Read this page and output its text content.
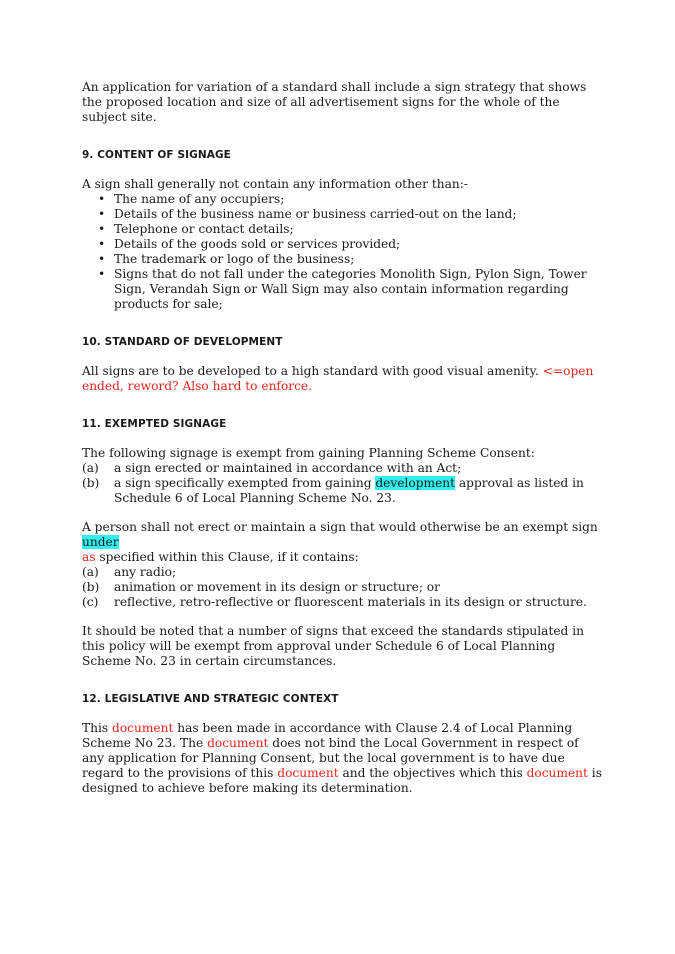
An application for variation of a standard shall include a sign strategy that shows the proposed location and size of all advertisement signs for the whole of the subject site.

9. CONTENT OF SIGNAGE

A sign shall generally not contain any information other than:-

• The name of any occupiers;
• Details of the business name or business carried-out on the land;
• Telephone or contact details;
• Details of the goods sold or services provided;
• The trademark or logo of the business;
• Signs that do not fall under the categories Monolith Sign, Pylon Sign, Tower Sign, Verandah Sign or Wall Sign may also contain information regarding products for sale;
10. STANDARD OF DEVELOPMENT

All signs are to be developed to a high standard with good visual amenity. <=open ended, reword? Also hard to enforce.

11. EXEMPTED SIGNAGE

The following signage is exempt from gaining Planning Scheme Consent:

(a)	a sign erected or maintained in accordance with an Act;
(b)	a sign specifically exempted from gaining development approval as listed in Schedule 6 of Local Planning Scheme No. 23.

A person shall not erect or maintain a sign that would otherwise be an exempt sign under
as specified within this Clause, if it contains:

(a)	any radio;
(b)	animation or movement in its design or structure; or
(c)	reflective, retro-reflective or fluorescent materials in its design or structure.

It should be noted that a number of signs that exceed the standards stipulated in this policy will be exempt from approval under Schedule 6 of Local Planning Scheme No. 23 in certain circumstances.

12. LEGISLATIVE AND STRATEGIC CONTEXT

This document has been made in accordance with Clause 2.4 of Local Planning Scheme No 23. The document does not bind the Local Government in respect of any application for Planning Consent, but the local government is to have due regard to the provisions of this document and the objectives which this document is designed to achieve before making its determination.
